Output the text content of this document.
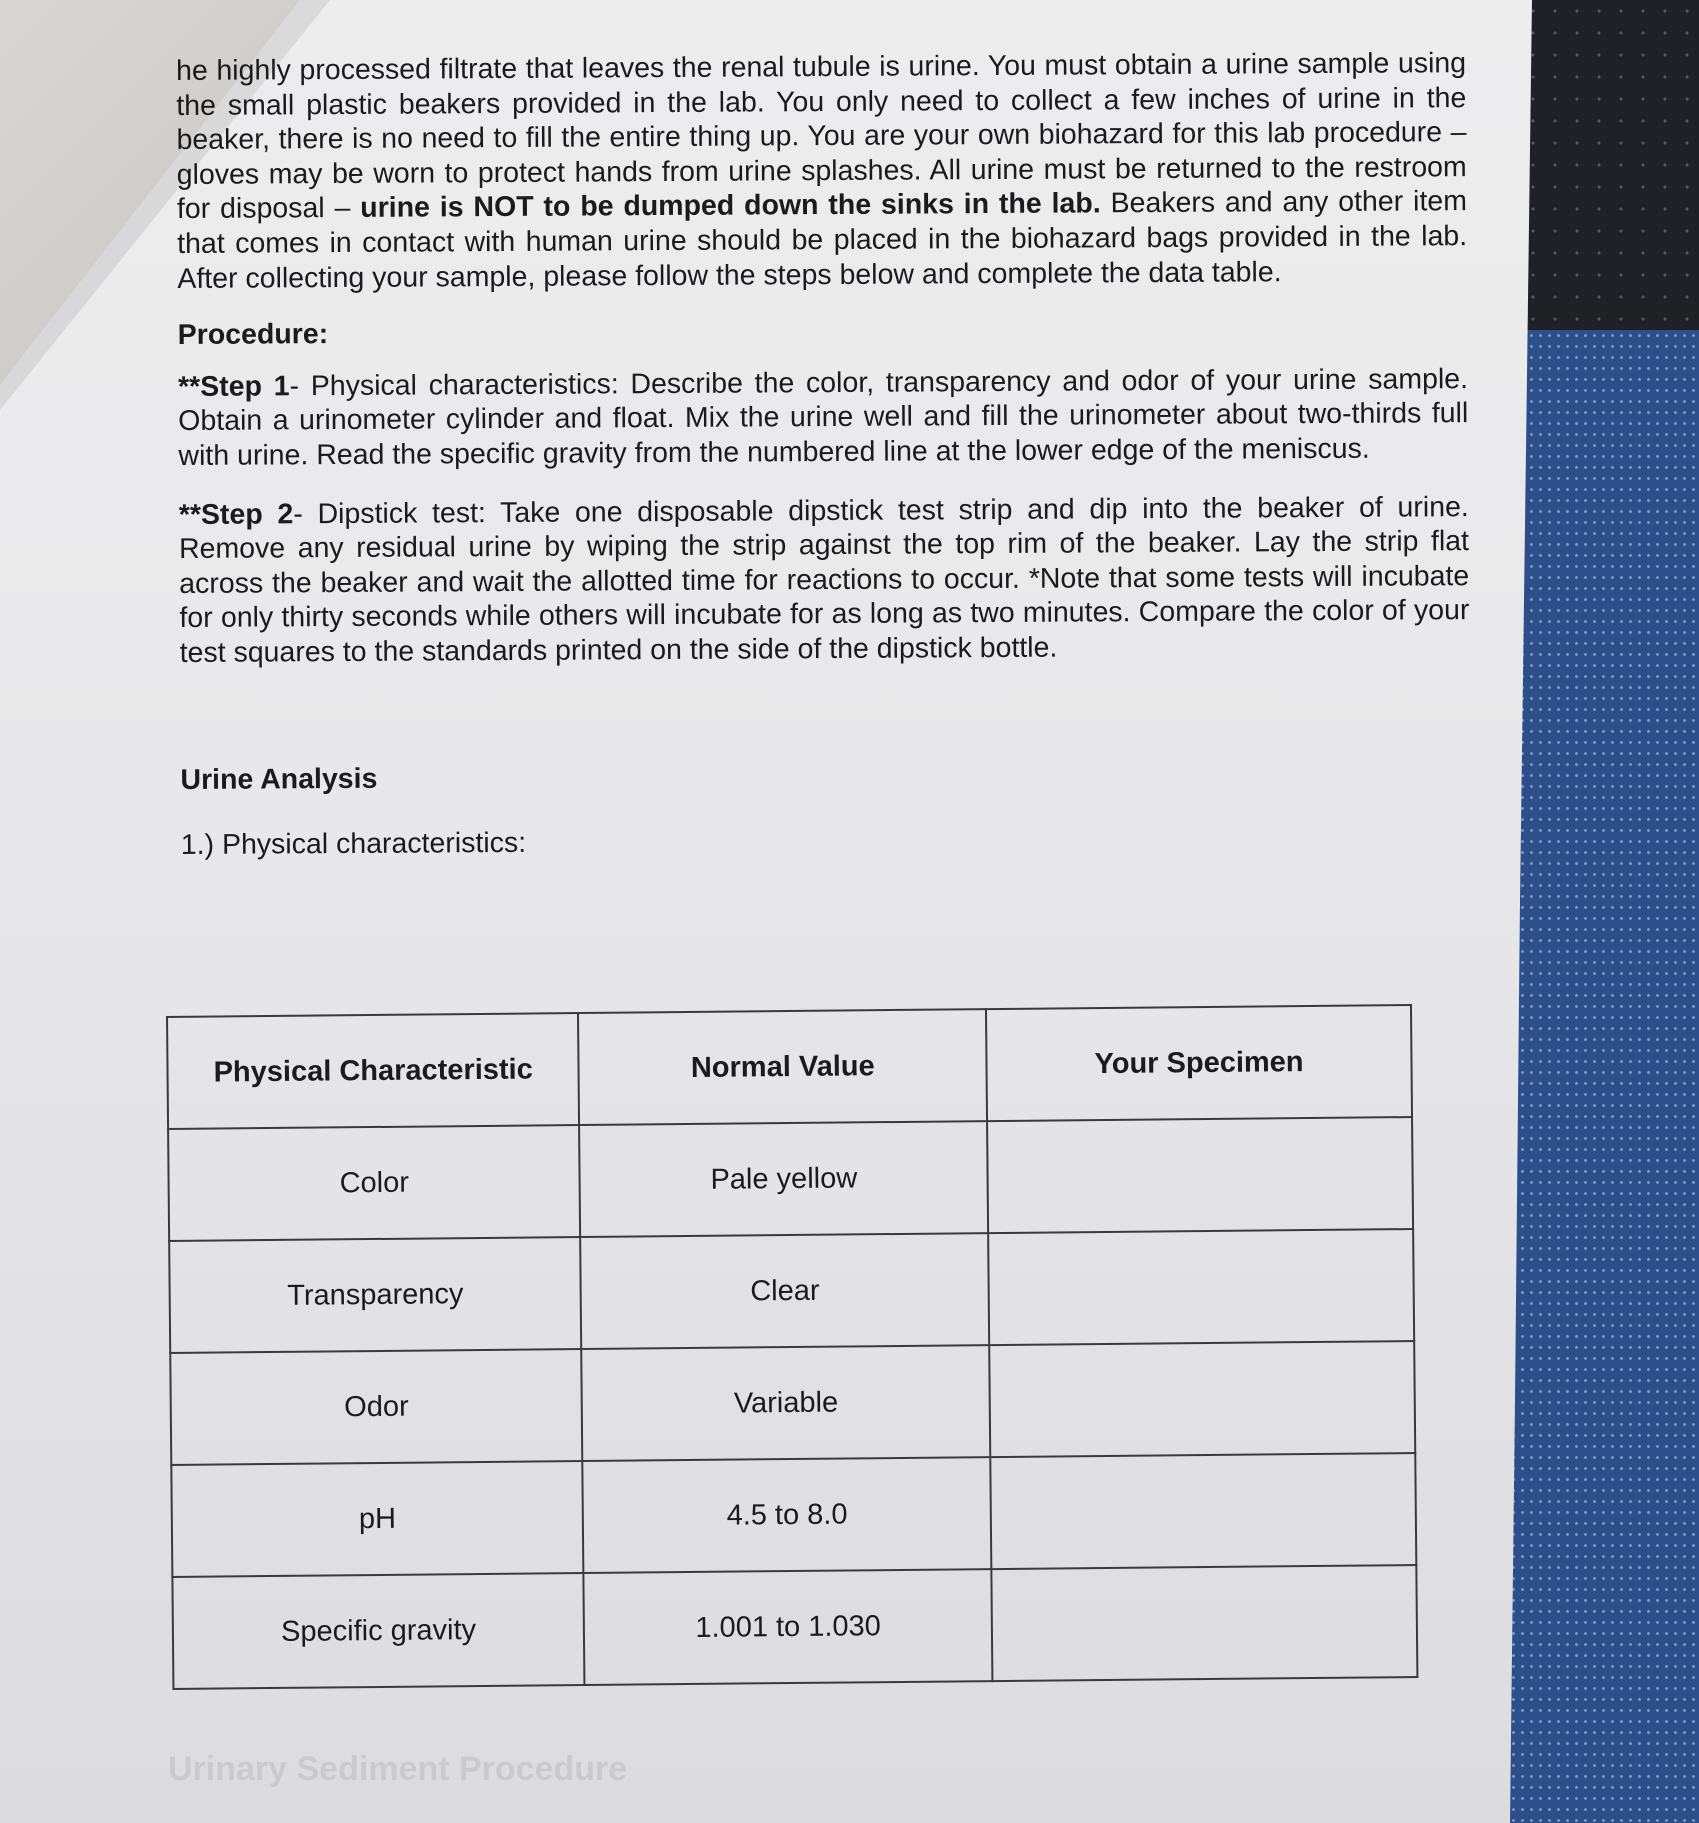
he highly processed filtrate that leaves the renal tubule is urine. You must obtain a urine sample using the small plastic beakers provided in the lab. You only need to collect a few inches of urine in the beaker, there is no need to fill the entire thing up. You are your own biohazard for this lab procedure – gloves may be worn to protect hands from urine splashes. All urine must be returned to the restroom for disposal – urine is NOT to be dumped down the sinks in the lab. Beakers and any other item that comes in contact with human urine should be placed in the biohazard bags provided in the lab. After collecting your sample, please follow the steps below and complete the data table.

Procedure:

**Step 1- Physical characteristics: Describe the color, transparency and odor of your urine sample. Obtain a urinometer cylinder and float. Mix the urine well and fill the urinometer about two-thirds full with urine. Read the specific gravity from the numbered line at the lower edge of the meniscus.

**Step 2- Dipstick test: Take one disposable dipstick test strip and dip into the beaker of urine. Remove any residual urine by wiping the strip against the top rim of the beaker. Lay the strip flat across the beaker and wait the allotted time for reactions to occur. *Note that some tests will incubate for only thirty seconds while others will incubate for as long as two minutes. Compare the color of your test squares to the standards printed on the side of the dipstick bottle.

Urine Analysis

1.) Physical characteristics:

Physical Characteristic	Normal Value	Your Specimen
Color	Pale yellow	
Transparency	Clear	
Odor	Variable	
pH	4.5 to 8.0	
Specific gravity	1.001 to 1.030	
Urinary Sediment Procedure
